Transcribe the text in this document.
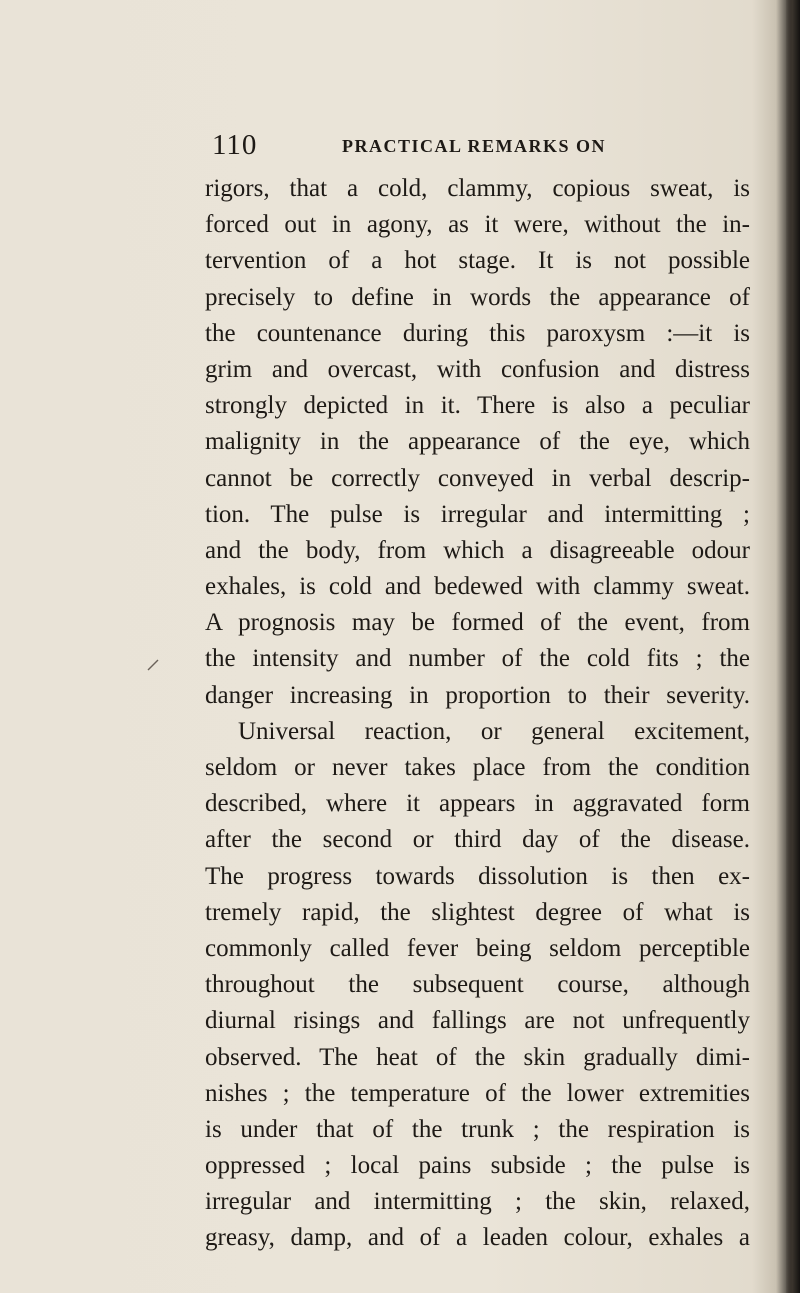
110	PRACTICAL REMARKS ON
rigors, that a cold, clammy, copious sweat, is
forced out in agony, as it were, without the in-
tervention of a hot stage. It is not possible
precisely to define in words the appearance of
the countenance during this paroxysm :—it is
grim and overcast, with confusion and distress
strongly depicted in it. There is also a peculiar
malignity in the appearance of the eye, which
cannot be correctly conveyed in verbal descrip-
tion. The pulse is irregular and intermitting ;
and the body, from which a disagreeable odour
exhales, is cold and bedewed with clammy sweat.
A prognosis may be formed of the event, from
the intensity and number of the cold fits ; the
danger increasing in proportion to their severity.
Universal reaction, or general excitement,
seldom or never takes place from the condition
described, where it appears in aggravated form
after the second or third day of the disease.
The progress towards dissolution is then ex-
tremely rapid, the slightest degree of what is
commonly called fever being seldom perceptible
throughout the subsequent course, although
diurnal risings and fallings are not unfrequently
observed. The heat of the skin gradually dimi-
nishes ; the temperature of the lower extremities
is under that of the trunk ; the respiration is
oppressed ; local pains subside ; the pulse is
irregular and intermitting ; the skin, relaxed,
greasy, damp, and of a leaden colour, exhales a
